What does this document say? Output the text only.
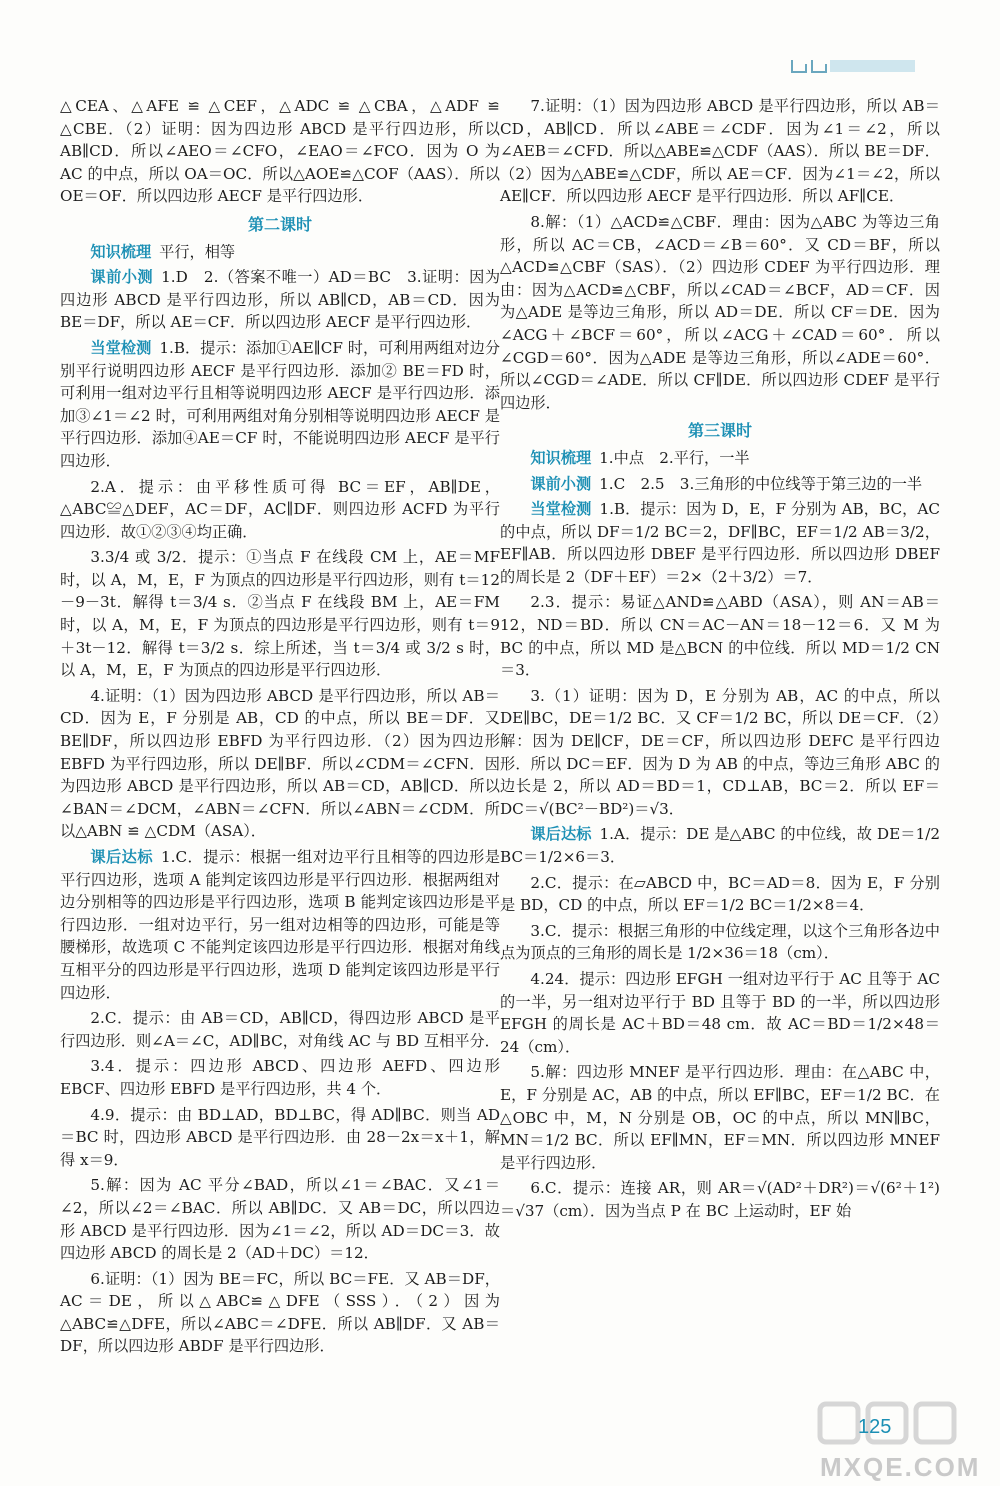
△CEA、△AFE ≌ △CEF，△ADC ≌ △CBA，△ADF ≌ △CBE．（2）证明：因为四边形 ABCD 是平行四边形，所以 AB∥CD．所以∠AEO＝∠CFO，∠EAO＝∠FCO．因为 O 为 AC 的中点，所以 OA＝OC．所以△AOE≌△COF（AAS）．所以 OE＝OF．所以四边形 AECF 是平行四边形．

第二课时

知识梳理 平行，相等

课前小测 1.D　2.（答案不唯一）AD＝BC　3.证明：因为四边形 ABCD 是平行四边形，所以 AB∥CD，AB＝CD．因为 BE＝DF，所以 AE＝CF．所以四边形 AECF 是平行四边形．

当堂检测 1.B．提示：添加①AE∥CF 时，可利用两组对边分别平行说明四边形 AECF 是平行四边形．添加② BE＝FD 时，可利用一组对边平行且相等说明四边形 AECF 是平行四边形．添加③∠1＝∠2 时，可利用两组对角分别相等说明四边形 AECF 是平行四边形．添加④AE＝CF 时，不能说明四边形 AECF 是平行四边形．

2.A．提示：由平移性质可得 BC＝EF，AB∥DE，△ABC≌△DEF，AC＝DF，AC∥DF．则四边形 ACFD 为平行四边形．故①②③④均正确．

3.3/4 或 3/2．提示：①当点 F 在线段 CM 上，AE＝MF 时，以 A，M，E，F 为顶点的四边形是平行四边形，则有 t＝12－9－3t．解得 t＝3/4 s．②当点 F 在线段 BM 上，AE＝FM 时，以 A，M，E，F 为顶点的四边形是平行四边形，则有 t＝9＋3t－12．解得 t＝3/2 s．综上所述，当 t＝3/4 或 3/2 s 时，以 A，M，E，F 为顶点的四边形是平行四边形．

4.证明：（1）因为四边形 ABCD 是平行四边形，所以 AB＝CD．因为 E，F 分别是 AB，CD 的中点，所以 BE＝DF．又 BE∥DF，所以四边形 EBFD 为平行四边形．（2）因为四边形 EBFD 为平行四边形，所以 DE∥BF．所以∠CDM＝∠CFN．因为四边形 ABCD 是平行四边形，所以 AB＝CD，AB∥CD．所以∠BAN＝∠DCM，∠ABN＝∠CFN．所以∠ABN＝∠CDM．所以△ABN ≌ △CDM（ASA）．

课后达标 1.C．提示：根据一组对边平行且相等的四边形是平行四边形，选项 A 能判定该四边形是平行四边形．根据两组对边分别相等的四边形是平行四边形，选项 B 能判定该四边形是平行四边形．一组对边平行，另一组对边相等的四边形，可能是等腰梯形，故选项 C 不能判定该四边形是平行四边形．根据对角线互相平分的四边形是平行四边形，选项 D 能判定该四边形是平行四边形．

2.C．提示：由 AB＝CD，AB∥CD，得四边形 ABCD 是平行四边形．则∠A＝∠C，AD∥BC，对角线 AC 与 BD 互相平分．

3.4．提示：四边形 ABCD、四边形 AEFD、四边形 EBCF、四边形 EBFD 是平行四边形，共 4 个．

4.9．提示：由 BD⊥AD，BD⊥BC，得 AD∥BC．则当 AD＝BC 时，四边形 ABCD 是平行四边形．由 28－2x＝x＋1，解得 x＝9．

5.解：因为 AC 平分∠BAD，所以∠1＝∠BAC．又∠1＝∠2，所以∠2＝∠BAC．所以 AB∥DC．又 AB＝DC，所以四边形 ABCD 是平行四边形．因为∠1＝∠2，所以 AD＝DC＝3．故四边形 ABCD 的周长是 2（AD＋DC）＝12．

6.证明：（1）因为 BE＝FC，所以 BC＝FE．又 AB＝DF，AC＝DE，所以△ABC≌△DFE（SSS）．（2）因为△ABC≌△DFE，所以∠ABC＝∠DFE．所以 AB∥DF．又 AB＝DF，所以四边形 ABDF 是平行四边形．

7.证明：（1）因为四边形 ABCD 是平行四边形，所以 AB＝CD，AB∥CD．所以∠ABE＝∠CDF．因为∠1＝∠2，所以∠AEB＝∠CFD．所以△ABE≌△CDF（AAS）．所以 BE＝DF．（2）因为△ABE≌△CDF，所以 AE＝CF．因为∠1＝∠2，所以 AE∥CF．所以四边形 AECF 是平行四边形．所以 AF∥CE．

8.解：（1）△ACD≌△CBF．理由：因为△ABC 为等边三角形，所以 AC＝CB，∠ACD＝∠B＝60°．又 CD＝BF，所以△ACD≌△CBF（SAS）．（2）四边形 CDEF 为平行四边形．理由：因为△ACD≌△CBF，所以∠CAD＝∠BCF，AD＝CF．因为△ADE 是等边三角形，所以 AD＝DE．所以 CF＝DE．因为∠ACG＋∠BCF＝60°，所以∠ACG＋∠CAD＝60°．所以∠CGD＝60°．因为△ADE 是等边三角形，所以∠ADE＝60°．所以∠CGD＝∠ADE．所以 CF∥DE．所以四边形 CDEF 是平行四边形．

第三课时

知识梳理 1.中点　2.平行，一半

课前小测 1.C　2.5　3.三角形的中位线等于第三边的一半

当堂检测 1.B．提示：因为 D，E，F 分别为 AB，BC，AC 的中点，所以 DF＝1/2 BC＝2，DF∥BC，EF＝1/2 AB＝3/2，EF∥AB．所以四边形 DBEF 是平行四边形．所以四边形 DBEF 的周长是 2（DF＋EF）＝2×（2＋3/2）＝7．

2.3．提示：易证△AND≌△ABD（ASA），则 AN＝AB＝12，ND＝BD．所以 CN＝AC－AN＝18－12＝6．又 M 为 BC 的中点，所以 MD 是△BCN 的中位线．所以 MD＝1/2 CN＝3．

3.（1）证明：因为 D，E 分别为 AB，AC 的中点，所以 DE∥BC，DE＝1/2 BC．又 CF＝1/2 BC，所以 DE＝CF．（2）解：因为 DE∥CF，DE＝CF，所以四边形 DEFC 是平行四边形．所以 DC＝EF．因为 D 为 AB 的中点，等边三角形 ABC 的边长是 2，所以 AD＝BD＝1，CD⊥AB，BC＝2．所以 EF＝DC＝√(BC²－BD²)＝√3．

课后达标 1.A．提示：DE 是△ABC 的中位线，故 DE＝1/2 BC＝1/2×6＝3．

2.C．提示：在▱ABCD 中，BC＝AD＝8．因为 E，F 分别是 BD，CD 的中点，所以 EF＝1/2 BC＝1/2×8＝4．

3.C．提示：根据三角形的中位线定理，以这个三角形各边中点为顶点的三角形的周长是 1/2×36＝18（cm）．

4.24．提示：四边形 EFGH 一组对边平行于 AC 且等于 AC 的一半，另一组对边平行于 BD 且等于 BD 的一半，所以四边形 EFGH 的周长是 AC＋BD＝48 cm．故 AC＝BD＝1/2×48＝24（cm）．

5.解：四边形 MNEF 是平行四边形．理由：在△ABC 中，E，F 分别是 AC，AB 的中点，所以 EF∥BC，EF＝1/2 BC．在△OBC 中，M，N 分别是 OB，OC 的中点，所以 MN∥BC，MN＝1/2 BC．所以 EF∥MN，EF＝MN．所以四边形 MNEF 是平行四边形．

6.C．提示：连接 AR，则 AR＝√(AD²＋DR²)＝√(6²＋1²)＝√37（cm）．因为当点 P 在 BC 上运动时，EF 始

MXQE.COM
125
